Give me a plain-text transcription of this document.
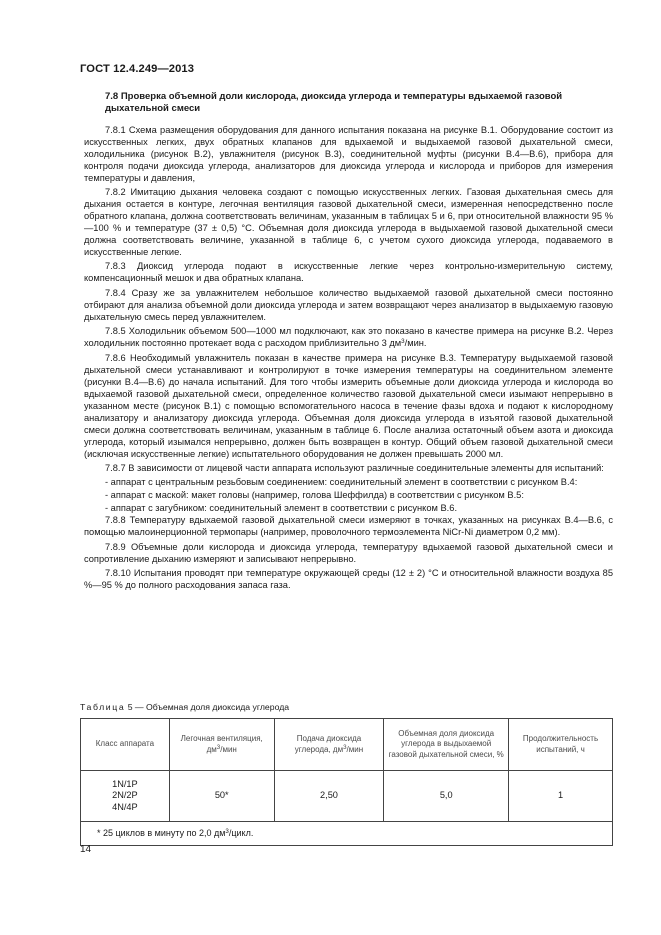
ГОСТ 12.4.249—2013
7.8 Проверка объемной доли кислорода, диоксида углерода и температуры вдыхаемой газовой дыхательной смеси

7.8.1 Схема размещения оборудования для данного испытания показана на рисунке В.1. Оборудование состоит из искусственных легких, двух обратных клапанов для вдыхаемой и выдыхаемой газовой дыхательной смеси, холодильника (рисунок В.2), увлажнителя (рисунок В.3), соединительной муфты (рисунки В.4—В.6), прибора для контроля подачи диоксида углерода, анализаторов для диоксида углерода и кислорода и приборов для измерения температуры и давления,

7.8.2 Имитацию дыхания человека создают с помощью искусственных легких. Газовая дыхательная смесь для дыхания остается в контуре, легочная вентиляция газовой дыхательной смеси, измеренная непосредственно после обратного клапана, должна соответствовать величинам, указанным в таблицах 5 и 6, при относительной влажности 95 %—100 % и температуре (37 ± 0,5) °С. Объемная доля диоксида углерода в выдыхаемой газовой дыхательной смеси должна соответствовать величине, указанной в таблице 6, с учетом сухого диоксида углерода, подаваемого в искусственные легкие.

7.8.3 Диоксид углерода подают в искусственные легкие через контрольно-измерительную систему, компенсационный мешок и два обратных клапана.

7.8.4 Сразу же за увлажнителем небольшое количество выдыхаемой газовой дыхательной смеси постоянно отбирают для анализа объемной доли диоксида углерода и затем возвращают через анализатор в выдыхаемую газовую дыхательную смесь перед увлажнителем.

7.8.5 Холодильник объемом 500—1000 мл подключают, как это показано в качестве примера на рисунке В.2. Через холодильник постоянно протекает вода с расходом приблизительно 3 $дм^3$/мин.

7.8.6 Необходимый увлажнитель показан в качестве примера на рисунке В.3. Температуру выдыхаемой газовой дыхательной смеси устанавливают и контролируют в точке измерения температуры на соединительном элементе (рисунки В.4—В.6) до начала испытаний. Для того чтобы измерить объемные доли диоксида углерода и кислорода во вдыхаемой газовой дыхательной смеси, определенное количество газовой дыхательной смеси изымают непрерывно в указанном месте (рисунок В.1) с помощью вспомогательного насоса в течение фазы вдоха и подают к кислородному анализатору и анализатору диоксида углерода. Объемная доля диоксида углерода в изъятой газовой дыхательной смеси должна соответствовать величинам, указанным в таблице 6. После анализа остаточный объем азота и диоксида углерода, который изымался непрерывно, должен быть возвращен в контур. Общий объем газовой дыхательной смеси (исключая искусственные легкие) испытательного оборудования не должен превышать 2000 мл.

7.8.7 В зависимости от лицевой части аппарата используют различные соединительные элементы для испытаний:

- аппарат с центральным резьбовым соединением: соединительный элемент в соответствии с рисунком В.4:

- аппарат с маской: макет головы (например, голова Шеффилда) в соответствии с рисунком В.5:

- аппарат с загубником: соединительный элемент в соответствии с рисунком В.6.

7.8.8 Температуру вдыхаемой газовой дыхательной смеси измеряют в точках, указанных на рисунках В.4—В.6, с помощью малоинерционной термопары (например, проволочного термоэлемента NiCr-Ni диаметром 0,2 мм).

7.8.9 Объемные доли кислорода и диоксида углерода, температуру вдыхаемой газовой дыхательной смеси и сопротивление дыханию измеряют и записывают непрерывно.

7.8.10 Испытания проводят при температуре окружающей среды (12 ± 2) °С и относительной влажности воздуха 85 %—95 % до полного расходования запаса газа.

Таблица 5 — Объемная доля диоксида углерода
Класс аппарата	Легочная вентиляция,
$дм^3$/мин	Подача диоксида
углерода, $дм^3$/мин	Объемная доля диоксида углерода в выдыхаемой газовой дыхательной смеси, %	Продолжительность испытаний, ч
1N/1P
2N/2P
4N/4P	50*	2,50	5,0	1
* 25 циклов в минуту по 2,0 $дм^3$/цикл.				
14
